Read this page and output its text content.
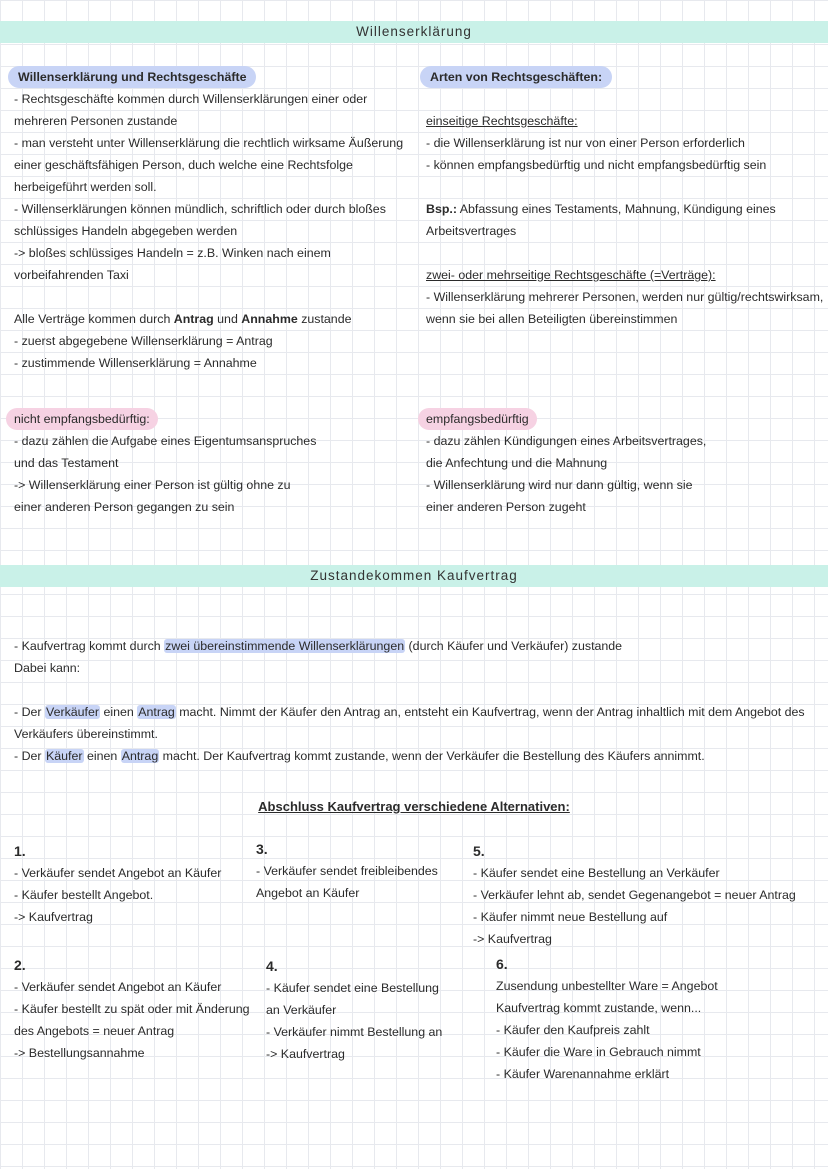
Willenserklärung
Willenserklärung und Rechtsgeschäfte
- Rechtsgeschäfte kommen durch Willenserklärungen einer oder
mehreren Personen zustande
- man versteht unter Willenserklärung die rechtlich wirksame Äußerung
einer geschäftsfähigen Person, duch welche eine Rechtsfolge
herbeigeführt werden soll.
- Willenserklärungen können mündlich, schriftlich oder durch bloßes
schlüssiges Handeln abgegeben werden
-> bloßes schlüssiges Handeln = z.B. Winken nach einem
vorbeifahrenden Taxi
Alle Verträge kommen durch Antrag und Annahme zustande
- zuerst abgegebene Willenserklärung = Antrag
- zustimmende Willenserklärung = Annahme
Arten von Rechtsgeschäften:
einseitige Rechtsgeschäfte:
- die Willenserklärung ist nur von einer Person erforderlich
- können empfangsbedürftig und nicht empfangsbedürftig sein
Bsp.: Abfassung eines Testaments, Mahnung, Kündigung eines
Arbeitsvertrages
zwei- oder mehrseitige Rechtsgeschäfte (=Verträge):
- Willenserklärung mehrerer Personen, werden nur gültig/rechtswirksam,
wenn sie bei allen Beteiligten übereinstimmen
nicht empfangsbedürftig:
- dazu zählen die Aufgabe eines Eigentumsanspruches
und das Testament
-> Willenserklärung einer Person ist gültig ohne zu
einer anderen Person gegangen zu sein
empfangsbedürftig
- dazu zählen Kündigungen eines Arbeitsvertrages,
die Anfechtung und die Mahnung
- Willenserklärung wird nur dann gültig, wenn sie
einer anderen Person zugeht
Zustandekommen Kaufvertrag
- Kaufvertrag kommt durch zwei übereinstimmende Willenserklärungen (durch Käufer und Verkäufer) zustande
Dabei kann:
- Der Verkäufer einen Antrag macht. Nimmt der Käufer den Antrag an, entsteht ein Kaufvertrag, wenn der Antrag inhaltlich mit dem Angebot des
Verkäufers übereinstimmt.
- Der Käufer einen Antrag macht. Der Kaufvertrag kommt zustande, wenn der Verkäufer die Bestellung des Käufers annimmt.
Abschluss Kaufvertrag verschiedene Alternativen:
1.
- Verkäufer sendet Angebot an Käufer
- Käufer bestellt Angebot.
-> Kaufvertrag
2.
- Verkäufer sendet Angebot an Käufer
- Käufer bestellt zu spät oder mit Änderung
des Angebots = neuer Antrag
-> Bestellungsannahme
3.
- Verkäufer sendet freibleibendes
Angebot an Käufer
4.
- Käufer sendet eine Bestellung
an Verkäufer
- Verkäufer nimmt Bestellung an
-> Kaufvertrag
5.
- Käufer sendet eine Bestellung an Verkäufer
- Verkäufer lehnt ab, sendet Gegenangebot = neuer Antrag
- Käufer nimmt neue Bestellung auf
-> Kaufvertrag
6.
Zusendung unbestellter Ware = Angebot
Kaufvertrag kommt zustande, wenn...
- Käufer den Kaufpreis zahlt
- Käufer die Ware in Gebrauch nimmt
- Käufer Warenannahme erklärt
